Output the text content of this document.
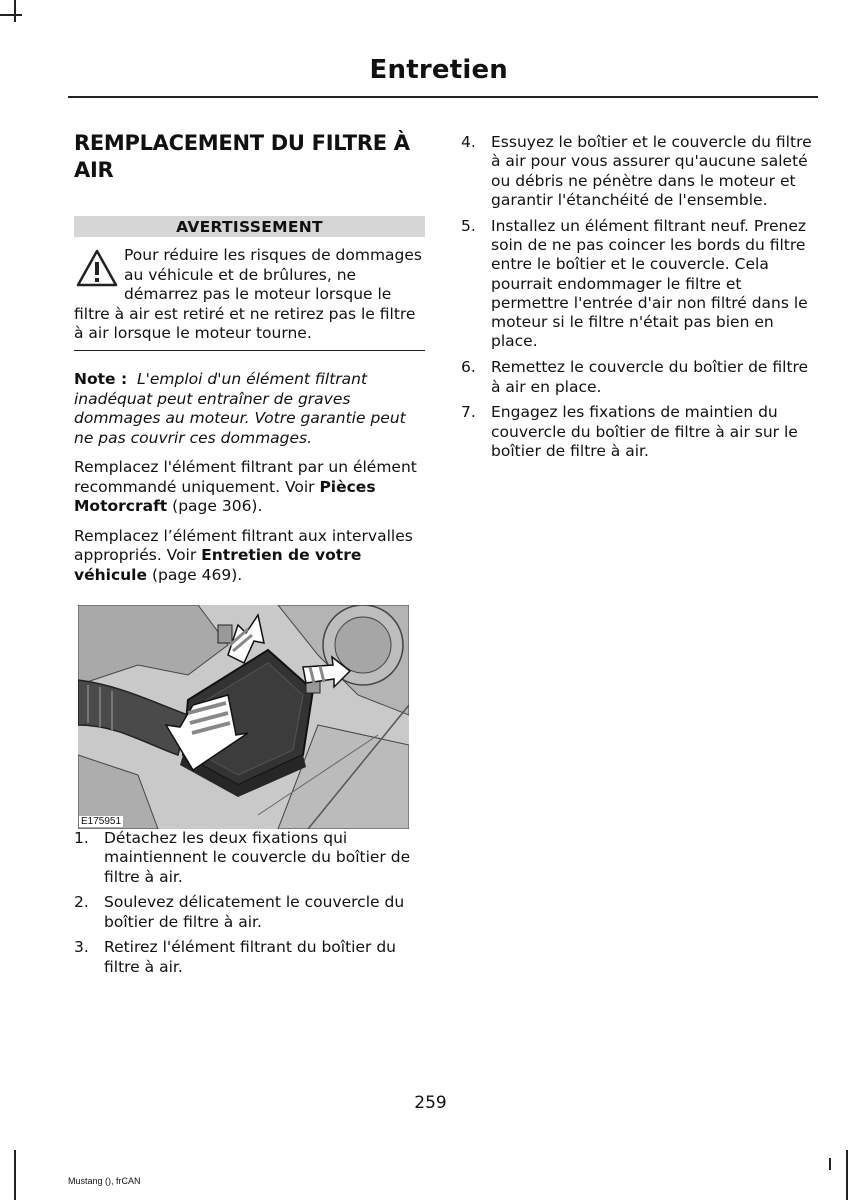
Entretien
REMPLACEMENT DU FILTRE À AIR
AVERTISSEMENT
Pour réduire les risques de dommages au véhicule et de brûlures, ne démarrez pas le moteur lorsque le filtre à air est retiré et ne retirez pas le filtre à air lorsque le moteur tourne.

Note : L'emploi d'un élément filtrant inadéquat peut entraîner de graves dommages au moteur. Votre garantie peut ne pas couvrir ces dommages.

Remplacez l'élément filtrant par un élément recommandé uniquement. Voir Pièces Motorcraft (page 306).

Remplacez l’élément filtrant aux intervalles appropriés. Voir Entretien de votre véhicule (page 469).

E175951
1. Détachez les deux fixations qui maintiennent le couvercle du boîtier de filtre à air.
2. Soulevez délicatement le couvercle du boîtier de filtre à air.
3. Retirez l'élément filtrant du boîtier du filtre à air.
4. Essuyez le boîtier et le couvercle du filtre à air pour vous assurer qu'aucune saleté ou débris ne pénètre dans le moteur et garantir l'étanchéité de l'ensemble.
5. Installez un élément filtrant neuf. Prenez soin de ne pas coincer les bords du filtre entre le boîtier et le couvercle. Cela pourrait endommager le filtre et permettre l'entrée d'air non filtré dans le moteur si le filtre n'était pas bien en place.
6. Remettez le couvercle du boîtier de filtre à air en place.
7. Engagez les fixations de maintien du couvercle du boîtier de filtre à air sur le boîtier de filtre à air.
259
Mustang (), frCAN
